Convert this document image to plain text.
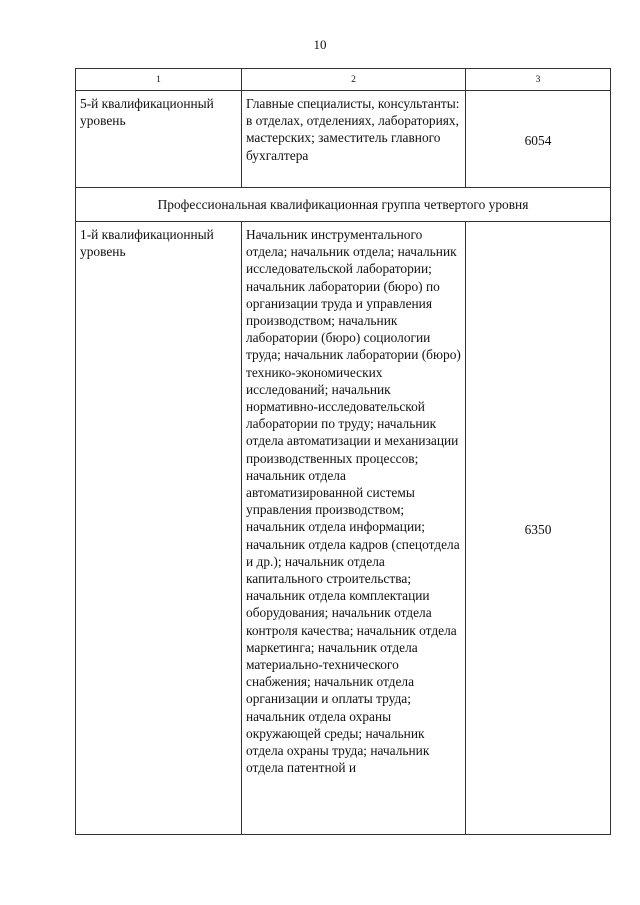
10
1	2	3
5-й квалификационный уровень	Главные специалисты, консультанты: в отделах, отделениях, лабораториях, мастерских; заместитель главного бухгалтера	6054
Профессиональная квалификационная группа четвертого уровня		
1-й квалификационный уровень	Начальник инструментального отдела; начальник отдела; начальник исследовательской лаборатории; начальник лаборатории (бюро) по организации труда и управления производством; начальник лаборатории (бюро) социологии труда; начальник лаборатории (бюро) технико-экономических исследований; начальник нормативно-исследовательской лаборатории по труду; начальник отдела автоматизации и механизации производственных процессов; начальник отдела автоматизированной системы управления производством; начальник отдела информации; начальник отдела кадров (спецотдела и др.); начальник отдела капитального строительства; начальник отдела комплектации оборудования; начальник отдела контроля качества; начальник отдела маркетинга; начальник отдела материально-технического снабжения; начальник отдела организации и оплаты труда; начальник отдела охраны окружающей среды; начальник отдела охраны труда; начальник отдела патентной и	6350
